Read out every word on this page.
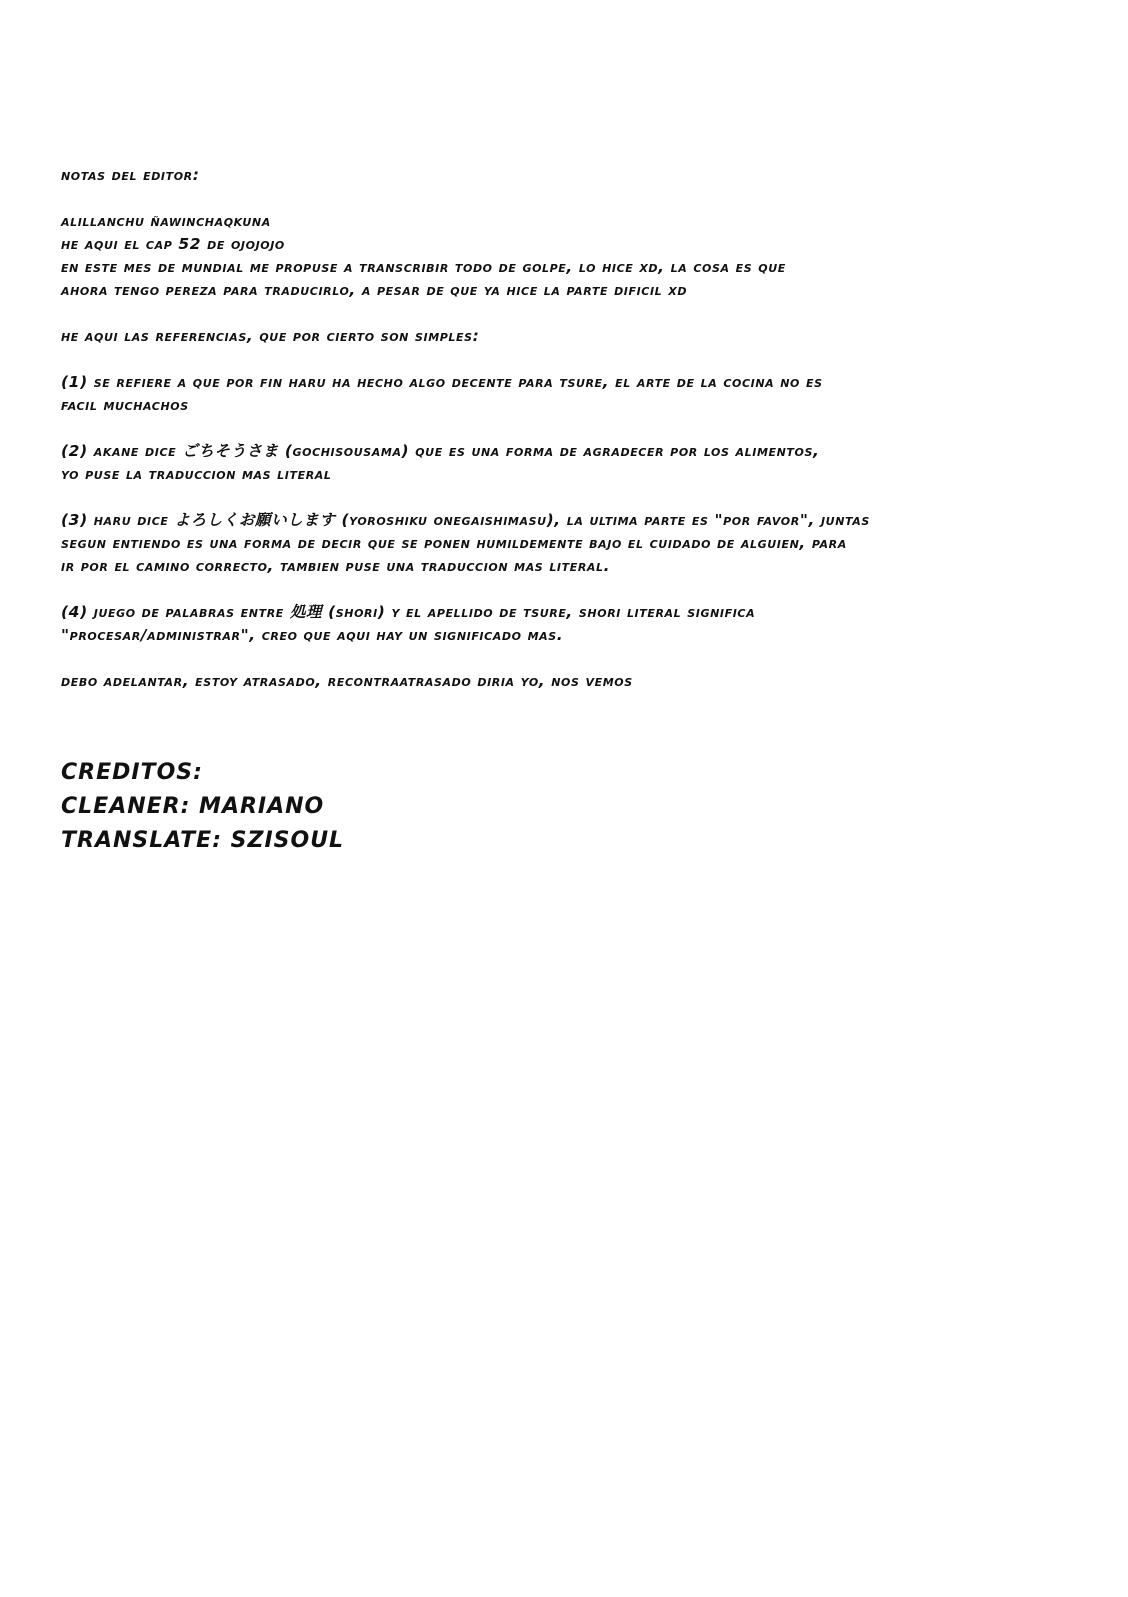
notas del editor:

alillanchu ñawinchaqkuna

he aqui el cap 52 de ojojojo

en este mes de mundial me propuse a transcribir todo de golpe, lo hice xd, la cosa es que

ahora tengo pereza para traducirlo, a pesar de que ya hice la parte dificil xd

he aqui las referencias, que por cierto son simples:

(1) se refiere a que por fin haru ha hecho algo decente para tsure, el arte de la cocina no es

facil muchachos

(2) akane dice ごちそうさま (gochisousama) que es una forma de agradecer por los alimentos,

yo puse la traduccion mas literal

(3) haru dice よろしくお願いします (yoroshiku onegaishimasu), la ultima parte es "por favor", juntas

segun entiendo es una forma de decir que se ponen humildemente bajo el cuidado de alguien, para

ir por el camino correcto, tambien puse una traduccion mas literal.

(4) juego de palabras entre 処理 (shori) y el apellido de tsure, shori literal significa

"procesar/administrar", creo que aqui hay un significado mas.

debo adelantar, estoy atrasado, recontraatrasado diria yo, nos vemos

CREDITOS:

CLEANER: MARIANO

TRANSLATE: SZISOUL
